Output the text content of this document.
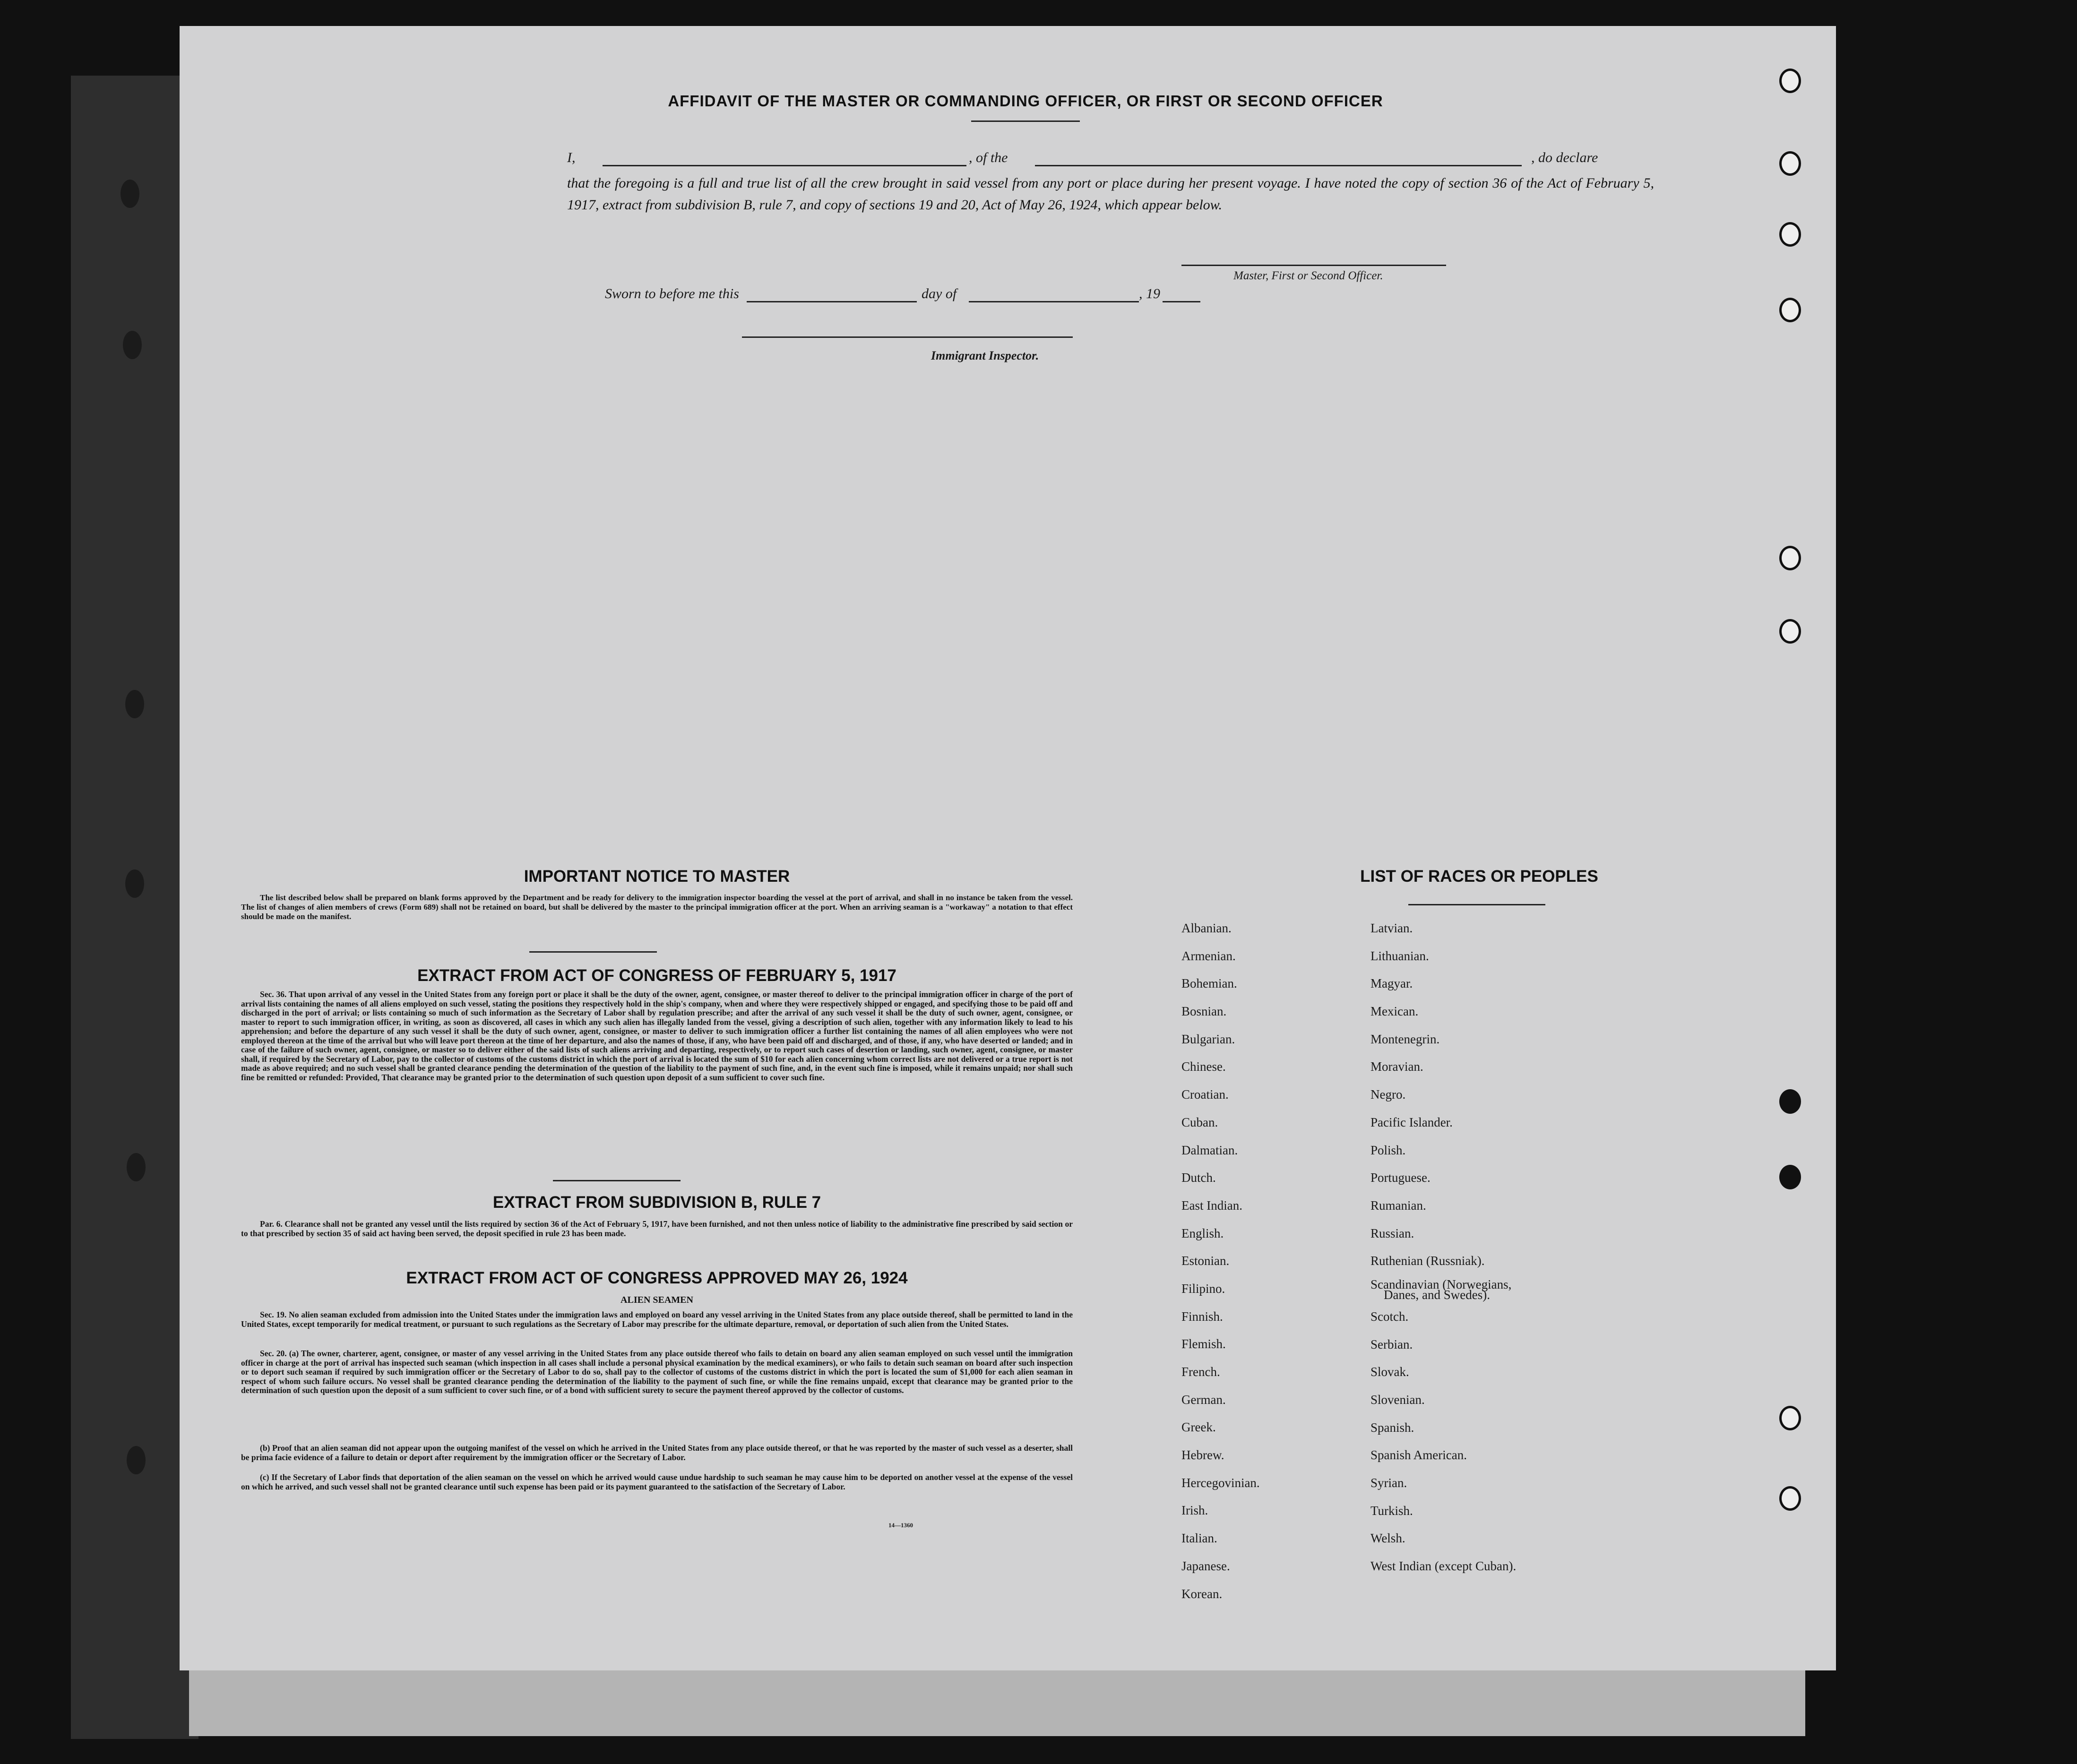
AFFIDAVIT OF THE MASTER OR COMMANDING OFFICER, OR FIRST OR SECOND OFFICER
I,	, of the	, do declare
that the foregoing is a full and true list of all the crew brought in said vessel from any port or place during her present voyage. I have noted the copy of section 36 of the Act of February 5, 1917, extract from subdivision B, rule 7, and copy of sections 19 and 20, Act of May 26, 1924, which appear below.
Master, First or Second Officer.
Sworn to before me this	day of	, 19
Immigrant Inspector.
IMPORTANT NOTICE TO MASTER
The list described below shall be prepared on blank forms approved by the Department and be ready for delivery to the immigration inspector boarding the vessel at the port of arrival, and shall in no instance be taken from the vessel. The list of changes of alien members of crews (Form 689) shall not be retained on board, but shall be delivered by the master to the principal immigration officer at the port. When an arriving seaman is a "workaway" a notation to that effect should be made on the manifest.
EXTRACT FROM ACT OF CONGRESS OF FEBRUARY 5, 1917
Sec. 36. That upon arrival of any vessel in the United States from any foreign port or place it shall be the duty of the owner, agent, consignee, or master thereof to deliver to the principal immigration officer in charge of the port of arrival lists containing the names of all aliens employed on such vessel, stating the positions they respectively hold in the ship's company, when and where they were respectively shipped or engaged, and specifying those to be paid off and discharged in the port of arrival; or lists containing so much of such information as the Secretary of Labor shall by regulation prescribe; and after the arrival of any such vessel it shall be the duty of such owner, agent, consignee, or master to report to such immigration officer, in writing, as soon as discovered, all cases in which any such alien has illegally landed from the vessel, giving a description of such alien, together with any information likely to lead to his apprehension; and before the departure of any such vessel it shall be the duty of such owner, agent, consignee, or master to deliver to such immigration officer a further list containing the names of all alien employees who were not employed thereon at the time of the arrival but who will leave port thereon at the time of her departure, and also the names of those, if any, who have been paid off and discharged, and of those, if any, who have deserted or landed; and in case of the failure of such owner, agent, consignee, or master so to deliver either of the said lists of such aliens arriving and departing, respectively, or to report such cases of desertion or landing, such owner, agent, consignee, or master shall, if required by the Secretary of Labor, pay to the collector of customs of the customs district in which the port of arrival is located the sum of $10 for each alien concerning whom correct lists are not delivered or a true report is not made as above required; and no such vessel shall be granted clearance pending the determination of the question of the liability to the payment of such fine, and, in the event such fine is imposed, while it remains unpaid; nor shall such fine be remitted or refunded: Provided, That clearance may be granted prior to the determination of such question upon deposit of a sum sufficient to cover such fine.
EXTRACT FROM SUBDIVISION B, RULE 7
Par. 6. Clearance shall not be granted any vessel until the lists required by section 36 of the Act of February 5, 1917, have been furnished, and not then unless notice of liability to the administrative fine prescribed by said section or to that prescribed by section 35 of said act having been served, the deposit specified in rule 23 has been made.
EXTRACT FROM ACT OF CONGRESS APPROVED MAY 26, 1924
ALIEN SEAMEN
Sec. 19. No alien seaman excluded from admission into the United States under the immigration laws and employed on board any vessel arriving in the United States from any place outside thereof, shall be permitted to land in the United States, except temporarily for medical treatment, or pursuant to such regulations as the Secretary of Labor may prescribe for the ultimate departure, removal, or deportation of such alien from the United States.
Sec. 20. (a) The owner, charterer, agent, consignee, or master of any vessel arriving in the United States from any place outside thereof who fails to detain on board any alien seaman employed on such vessel until the immigration officer in charge at the port of arrival has inspected such seaman (which inspection in all cases shall include a personal physical examination by the medical examiners), or who fails to detain such seaman on board after such inspection or to deport such seaman if required by such immigration officer or the Secretary of Labor to do so, shall pay to the collector of customs of the customs district in which the port is located the sum of $1,000 for each alien seaman in respect of whom such failure occurs. No vessel shall be granted clearance pending the determination of the liability to the payment of such fine, or while the fine remains unpaid, except that clearance may be granted prior to the determination of such question upon the deposit of a sum sufficient to cover such fine, or of a bond with sufficient surety to secure the payment thereof approved by the collector of customs.
(b) Proof that an alien seaman did not appear upon the outgoing manifest of the vessel on which he arrived in the United States from any place outside thereof, or that he was reported by the master of such vessel as a deserter, shall be prima facie evidence of a failure to detain or deport after requirement by the immigration officer or the Secretary of Labor.
(c) If the Secretary of Labor finds that deportation of the alien seaman on the vessel on which he arrived would cause undue hardship to such seaman he may cause him to be deported on another vessel at the expense of the vessel on which he arrived, and such vessel shall not be granted clearance until such expense has been paid or its payment guaranteed to the satisfaction of the Secretary of Labor.
14—1360
LIST OF RACES OR PEOPLES
Albanian.
Armenian.
Bohemian.
Bosnian.
Bulgarian.
Chinese.
Croatian.
Cuban.
Dalmatian.
Dutch.
East Indian.
English.
Estonian.
Filipino.
Finnish.
Flemish.
French.
German.
Greek.
Hebrew.
Hercegovinian.
Irish.
Italian.
Japanese.
Korean.
Latvian.
Lithuanian.
Magyar.
Mexican.
Montenegrin.
Moravian.
Negro.
Pacific Islander.
Polish.
Portuguese.
Rumanian.
Russian.
Ruthenian (Russniak).
Scandinavian (Norwegians,
Danes, and Swedes).
Scotch.
Serbian.
Slovak.
Slovenian.
Spanish.
Spanish American.
Syrian.
Turkish.
Welsh.
West Indian (except Cuban).
